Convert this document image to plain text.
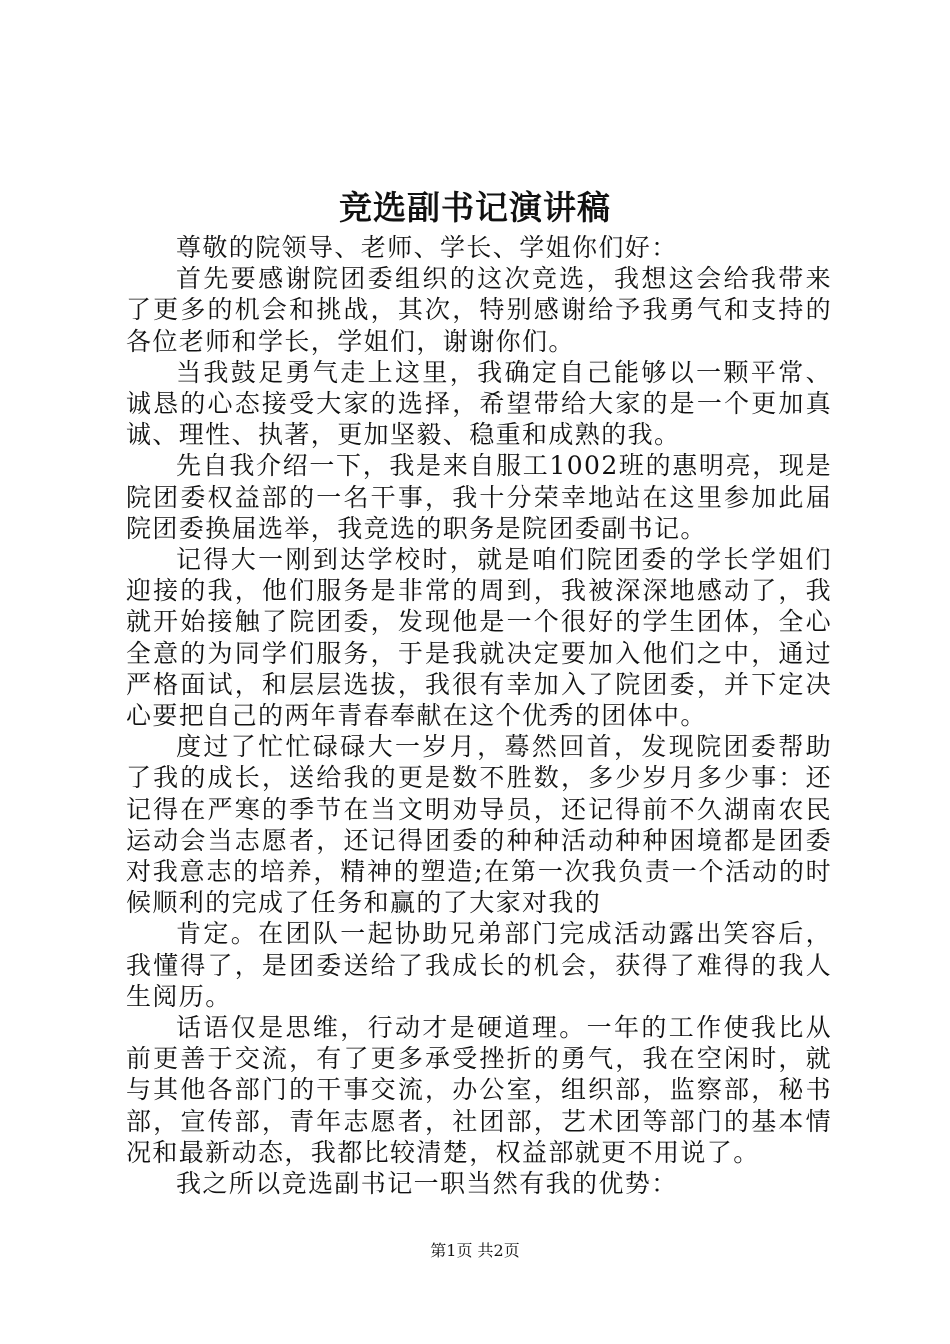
竞选副书记演讲稿

尊敬的院领导、老师、学长、学姐你们好：

首先要感谢院团委组织的这次竞选，我想这会给我带来了更多的机会和挑战，其次，特别感谢给予我勇气和支持的各位老师和学长，学姐们，谢谢你们。

当我鼓足勇气走上这里，我确定自己能够以一颗平常、诚恳的心态接受大家的选择，希望带给大家的是一个更加真诚、理性、执著，更加坚毅、稳重和成熟的我。

先自我介绍一下，我是来自服工1002班的惠明亮，现是院团委权益部的一名干事，我十分荣幸地站在这里参加此届院团委换届选举，我竞选的职务是院团委副书记。

记得大一刚到达学校时，就是咱们院团委的学长学姐们迎接的我，他们服务是非常的周到，我被深深地感动了，我就开始接触了院团委，发现他是一个很好的学生团体，全心全意的为同学们服务，于是我就决定要加入他们之中，通过严格面试，和层层选拔，我很有幸加入了院团委，并下定决心要把自己的两年青春奉献在这个优秀的团体中。

度过了忙忙碌碌大一岁月，蓦然回首，发现院团委帮助了我的成长，送给我的更是数不胜数，多少岁月多少事：还记得在严寒的季节在当文明劝导员，还记得前不久湖南农民运动会当志愿者，还记得团委的种种活动种种困境都是团委对我意志的培养，精神的塑造;在第一次我负责一个活动的时候顺利的完成了任务和赢的了大家对我的

肯定。在团队一起协助兄弟部门完成活动露出笑容后，我懂得了，是团委送给了我成长的机会，获得了难得的我人生阅历。

话语仅是思维，行动才是硬道理。一年的工作使我比从前更善于交流，有了更多承受挫折的勇气，我在空闲时，就与其他各部门的干事交流，办公室，组织部，监察部，秘书部，宣传部，青年志愿者，社团部，艺术团等部门的基本情况和最新动态，我都比较清楚，权益部就更不用说了。

我之所以竞选副书记一职当然有我的优势：

第1页 共2页
